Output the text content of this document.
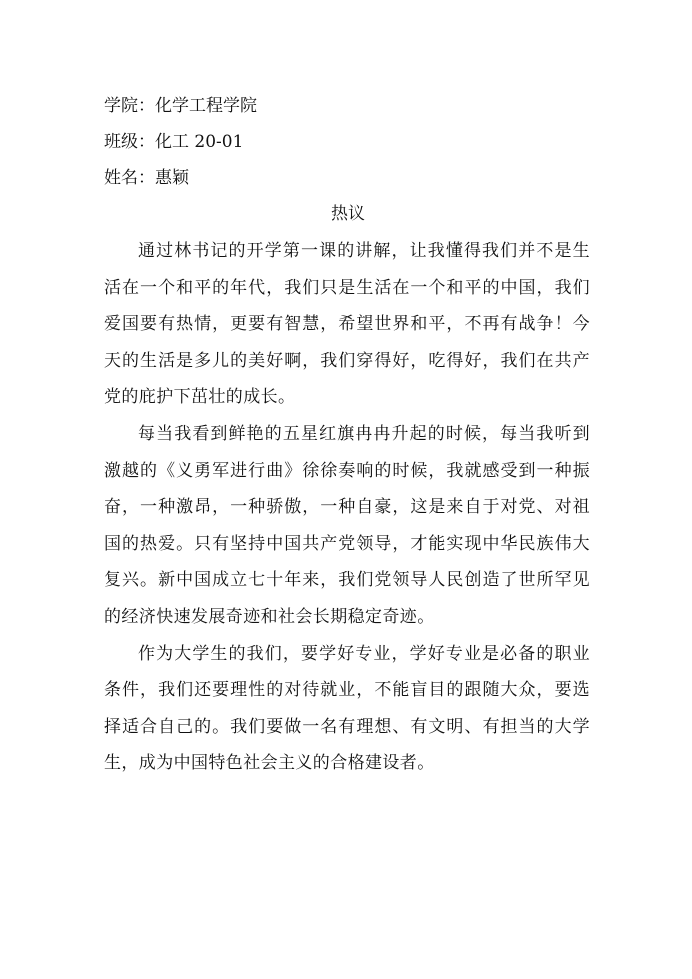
学院：化学工程学院
班级：化工 20-01
姓名：惠颖
热议

通过林书记的开学第一课的讲解，让我懂得我们并不是生活在一个和平的年代，我们只是生活在一个和平的中国，我们爱国要有热情，更要有智慧，希望世界和平，不再有战争！今天的生活是多儿的美好啊，我们穿得好，吃得好，我们在共产党的庇护下茁壮的成长。

每当我看到鲜艳的五星红旗冉冉升起的时候，每当我听到激越的《义勇军进行曲》徐徐奏响的时候，我就感受到一种振奋，一种激昂，一种骄傲，一种自豪，这是来自于对党、对祖国的热爱。只有坚持中国共产党领导，才能实现中华民族伟大复兴。新中国成立七十年来，我们党领导人民创造了世所罕见的经济快速发展奇迹和社会长期稳定奇迹。

作为大学生的我们，要学好专业，学好专业是必备的职业条件，我们还要理性的对待就业，不能盲目的跟随大众，要选择适合自己的。我们要做一名有理想、有文明、有担当的大学生，成为中国特色社会主义的合格建设者。
